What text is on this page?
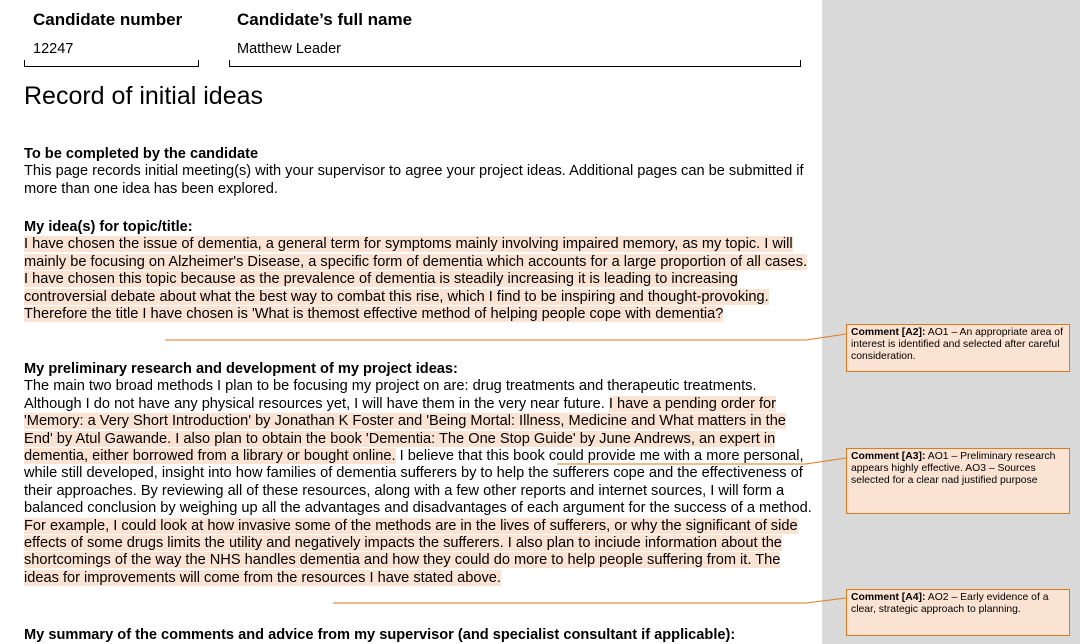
Candidate number	Candidate’s full name
12247	Matthew Leader
Record of initial ideas
To be completed by the candidate
This page records initial meeting(s) with your supervisor to agree your project ideas. Additional pages can be submitted if more than one idea has been explored.
My idea(s) for topic/title:
I have chosen the issue of dementia, a general term for symptoms mainly involving impaired memory, as my topic. I will mainly be focusing on Alzheimer's Disease, a specific form of dementia which accounts for a large proportion of all cases. I have chosen this topic because as the prevalence of dementia is steadily increasing it is leading to increasing controversial debate about what the best way to combat this rise, which I find to be inspiring and thought-provoking. Therefore the title I have chosen is 'What is themost effective method of helping people cope with dementia?
My preliminary research and development of my project ideas:
The main two broad methods I plan to be focusing my project on are: drug treatments and therapeutic treatments. Although I do not have any physical resources yet, I will have them in the very near future. I have a pending order for 'Memory: a Very Short Introduction' by Jonathan K Foster and 'Being Mortal: Illness, Medicine and What matters in the End' by Atul Gawande. I also plan to obtain the book 'Dementia: The One Stop Guide' by June Andrews, an expert in dementia, either borrowed from a library or bought online. I believe that this book could provide me with a more personal, while still developed, insight into how families of dementia sufferers by to help the sufferers cope and the effectiveness of their approaches. By reviewing all of these resources, along with a few other reports and internet sources, I will form a balanced conclusion by weighing up all the advantages and disadvantages of each argument for the success of a method. For example, I could look at how invasive some of the methods are in the lives of sufferers, or why the significant of side effects of some drugs limits the utility and negatively impacts the sufferers. I also plan to inciude information about the shortcomings of the way the NHS handles dementia and how they could do more to help people suffering from it. The ideas for improvements will come from the resources I have stated above.
My summary of the comments and advice from my supervisor (and specialist consultant if applicable):
Comment [A2]: AO1 – An appropriate area of interest is identified and selected after careful consideration.
Comment [A3]: AO1 – Preliminary research appears highly effective. AO3 – Sources selected for a clear nad justified purpose
Comment [A4]: AO2 – Early evidence of a clear, strategic approach to planning.
